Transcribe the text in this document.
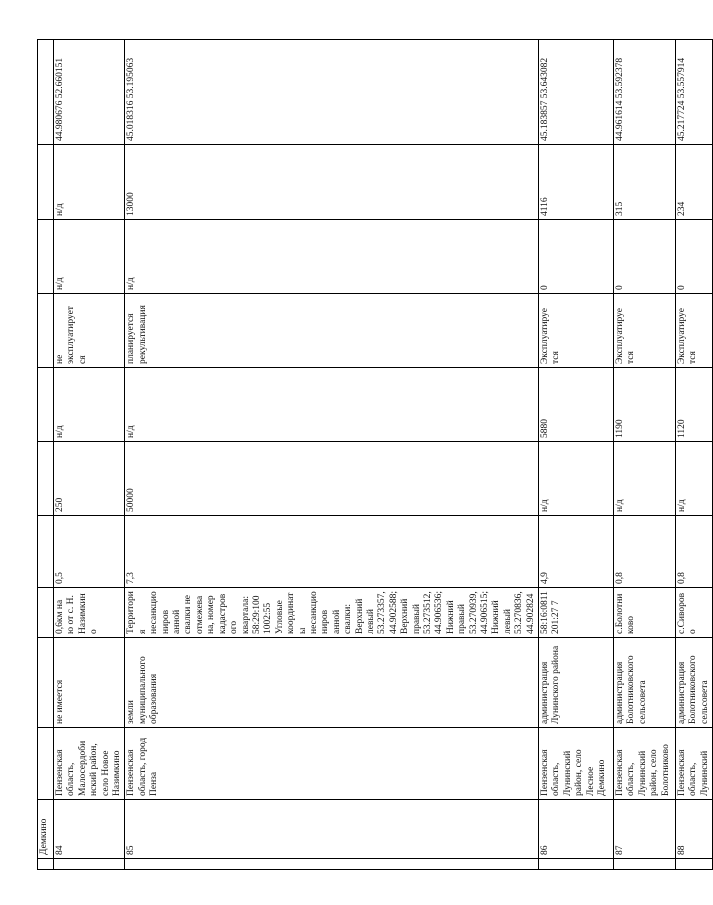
	Демкино										
	84	Пензенская область, Малосердоби нский район, село Новое Назимкино	не имеется	0,6км на ю от с. Н. Назимкино	0,5	250	н/д	не эксплуатирует ся	н/д	н/д	44.980676 52.660151
	85	Пензенская область, город Пенза	земли муниципального образования	Территория несанкциониров анной свалки не отмежевана, номер кадастрового квартала: 58:29:1001002:55 Угловые координаты несанкциониров анной свалки: Верхний левый 53.273357, 44.902588; Верхний правый 53.273512, 44.906536; Нижний правый 53.270939, 44.906515; Нижний левый 53.270836, 44.902824	7,3	50000	н/д	планируется рекультивация	н/д	13000	45.018316 53.195063
	86	Пензенская область, Лунинский район, село Лесное Демкино	администрация Лунинского района	58:16:0811201:27 7	4,9	н/д	5880	Эксплуатируе тся	0	4116	45.183857 53.643082
	87	Пензенская область, Лунинский район, село Болотниково	администрация Болотниковского сельсовета	с.Болотниково	0,8	н/д	1190	Эксплуатируе тся	0	315	44.961614 53.592378
	88	Пензенская область, Лунинский	администрация Болотниковского сельсовета	с.Сиворово	0,8	н/д	1120	Эксплуатируе тся	0	234	45.217724 53.557914
